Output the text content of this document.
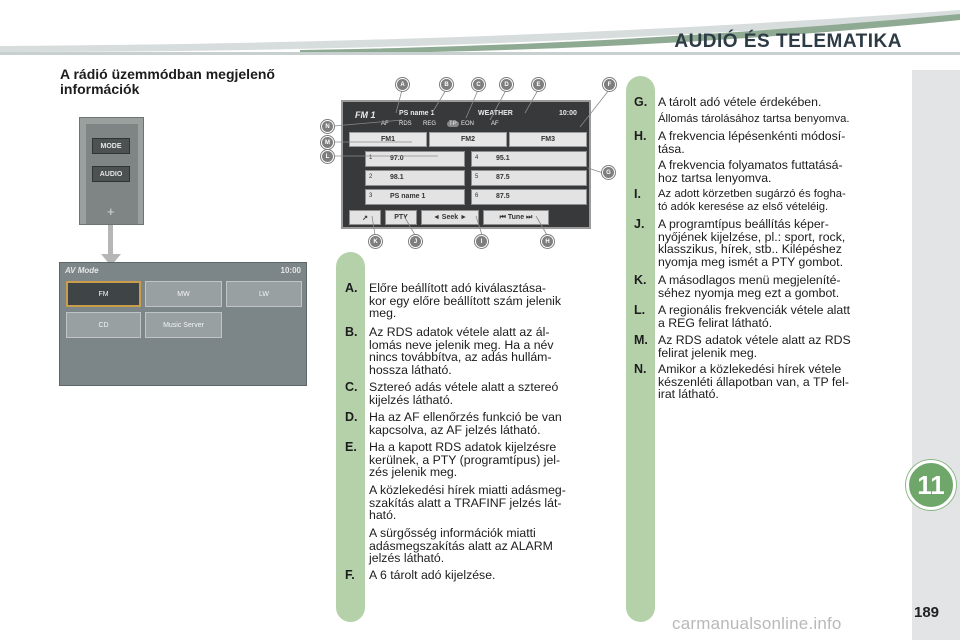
AUDIÓ ÉS TELEMATIKA
A rádió üzemmódban megjelenő információk
MODE
AUDIO
+
AV Mode	10:00
FM	MW	LW
CD	Music Server
FM 1	PS name 1	WEATHER	10:00
AF RDS REG	TP EON	AF
FM1	FM2	FM3
1	97.0
2	98.1
3	PS name 1
4	95.1
5	87.5
6	87.5
↗	PTY	◄ Seek ►	⏮ Tune ⏭
A	B	C	D	E	F
G
H
I
J
K
L
M
N
A. Előre beállított adó kiválasztása-
kor egy előre beállított szám jelenik
meg.
B. Az RDS adatok vétele alatt az ál-
lomás neve jelenik meg. Ha a név
nincs továbbítva, az adás hullám-
hossza látható.
C. Sztereó adás vétele alatt a sztereó
kijelzés látható.
D. Ha az AF ellenőrzés funkció be van
kapcsolva, az AF jelzés látható.
E. Ha a kapott RDS adatok kijelzésre
kerülnek, a PTY (programtípus) jel-
zés jelenik meg.
A közlekedési hírek miatti adásmeg-
szakítás alatt a TRAFINF jelzés lát-
ható.
A sürgősség információk miatti
adásmegszakítás alatt az ALARM
jelzés látható.
F. A 6 tárolt adó kijelzése.
G. A tárolt adó vétele érdekében.
Állomás tárolásához tartsa benyomva.
H. A frekvencia lépésenkénti módosí-
tása.
A frekvencia folyamatos futtatásá-
hoz tartsa lenyomva.
I. Az adott körzetben sugárzó és fogha-
tó adók keresése az első vételéig.
J. A programtípus beállítás képer-
nyőjének kijelzése, pl.: sport, rock,
klasszikus, hírek, stb.. Kilépéshez
nyomja meg ismét a PTY gombot.
K. A másodlagos menü megjeleníté-
séhez nyomja meg ezt a gombot.
L. A regionális frekvenciák vétele alatt
a REG felirat látható.
M. Az RDS adatok vétele alatt az RDS
felirat jelenik meg.
N. Amikor a közlekedési hírek vétele
készenléti állapotban van, a TP fel-
irat látható.
11
189
carmanualsonline.info
